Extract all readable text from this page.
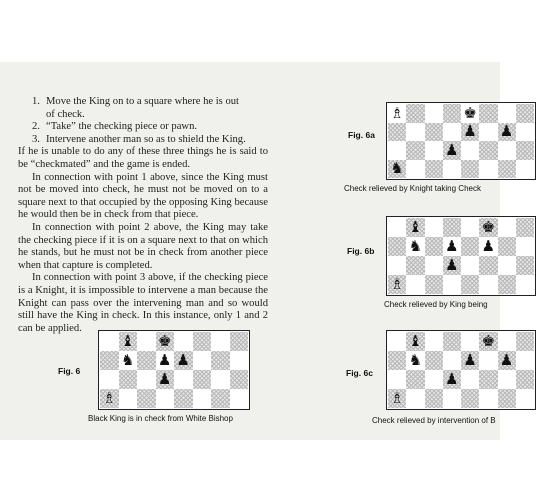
1. Move the King on to a square where he is out
of check.
2. “Take” the checking piece or pawn.
3. Intervene another man so as to shield the King.

If he is unable to do any of these three things he is said to be “checkmated” and the game is ended.

In connection with point 1 above, since the King must not be moved into check, he must not be moved on to a square next to that occupied by the opposing King because he would then be in check from that piece.

In connection with point 2 above, the King may take the checking piece if it is on a square next to that on which he stands, but he must not be in check from another piece when that capture is completed.

In connection with point 3 above, if the checking piece is a Knight, it is impossible to intervene a man because the Knight can pass over the intervening man and so would still have the King in check. In this instance, only 1 and 2 can be applied.

Fig. 6
♝ ♚
♞ ♟ ♟
♟
♗
Black King is in check from White Bishop
Fig. 6a
♗	♚
♟ ♟
♟
♞
Check relieved by Knight taking Check
Fig. 6b
♝	♚
♞ ♟ ♟
♟
♗
Check relieved by King being
Fig. 6c
♝	♚
♞	♟ ♟
♟
♗
Check relieved by intervention of B
